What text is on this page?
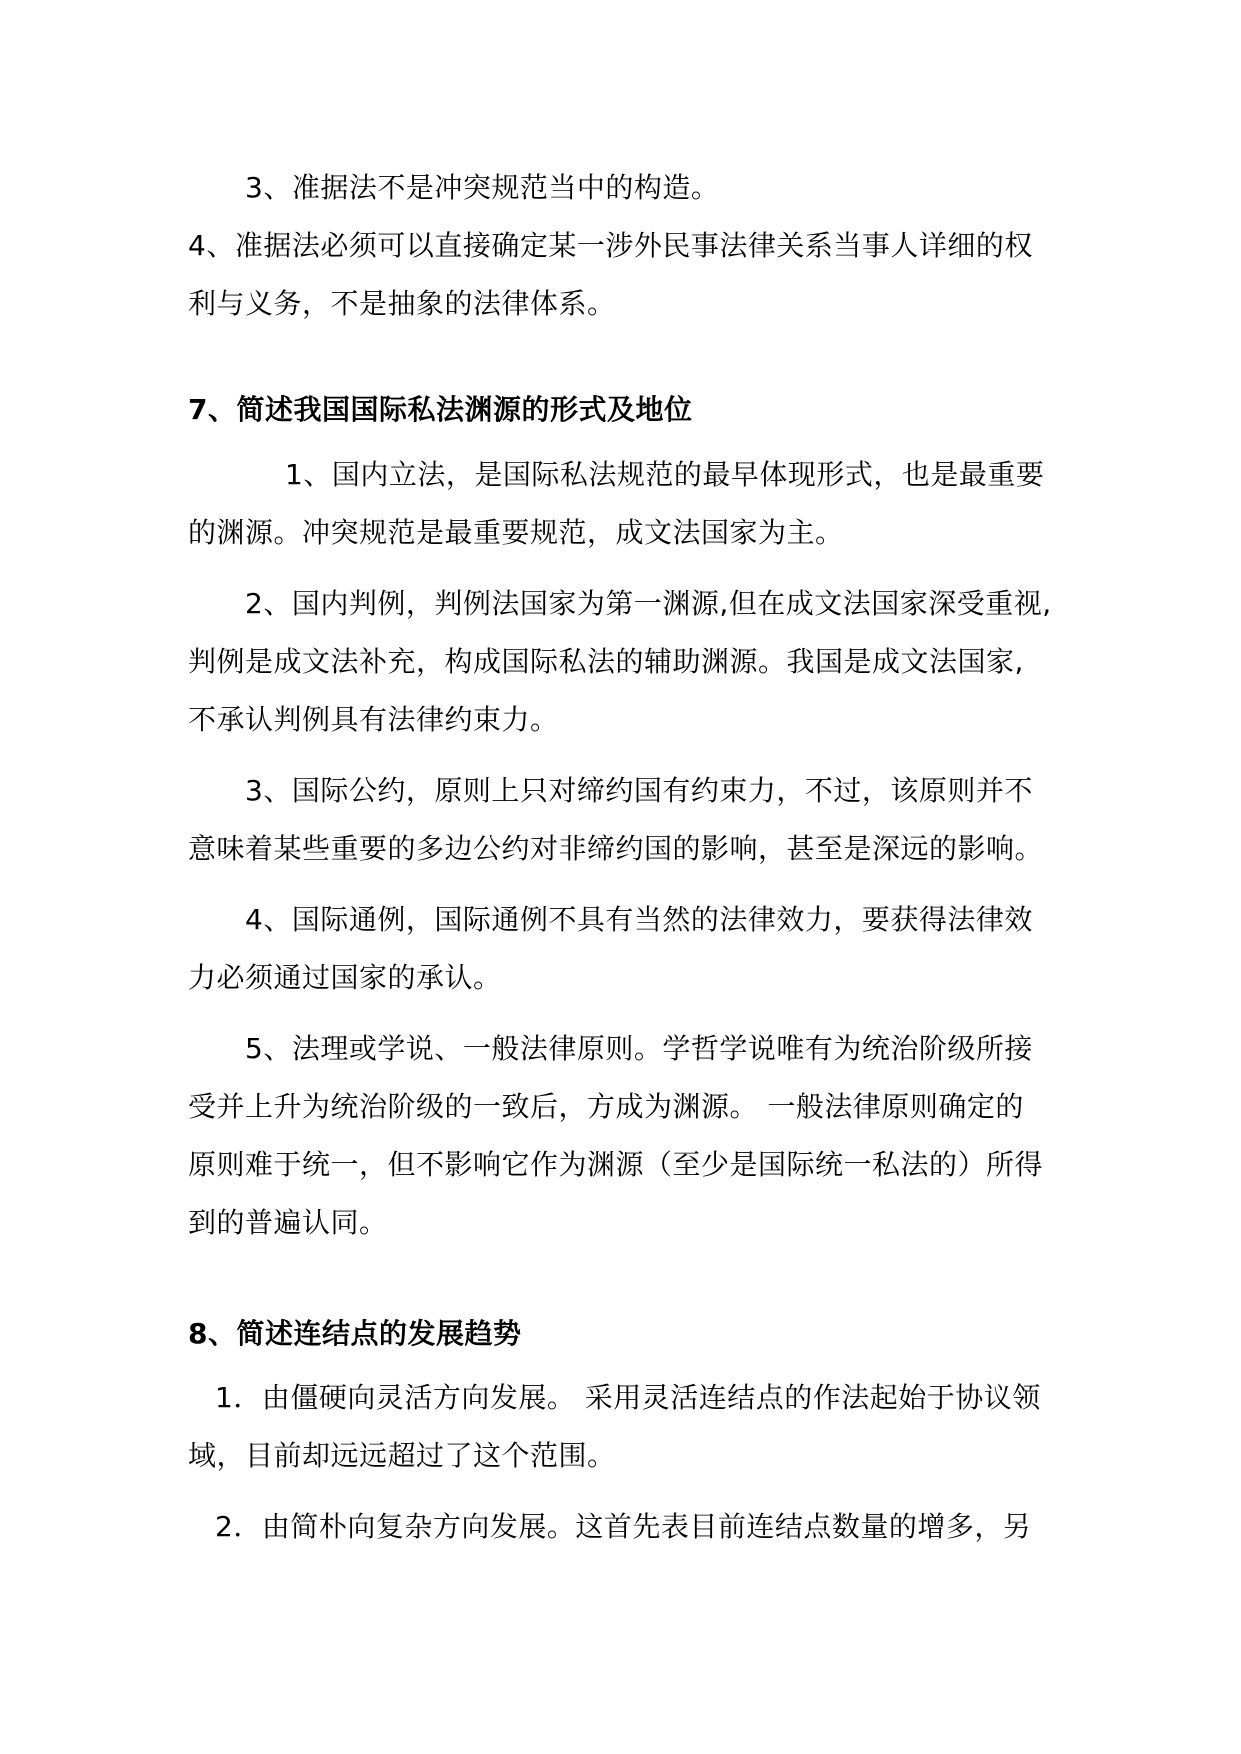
3、准据法不是冲突规范当中的构造。
4、准据法必须可以直接确定某一涉外民事法律关系当事人详细的权
利与义务，不是抽象的法律体系。
7、简述我国国际私法渊源的形式及地位
1、国内立法，是国际私法规范的最早体现形式，也是最重要
的渊源。冲突规范是最重要规范，成文法国家为主。
2、国内判例，判例法国家为第一渊源,但在成文法国家深受重视,
判例是成文法补充，构成国际私法的辅助渊源。我国是成文法国家,
不承认判例具有法律约束力。
3、国际公约，原则上只对缔约国有约束力，不过，该原则并不
意味着某些重要的多边公约对非缔约国的影响，甚至是深远的影响。
4、国际通例，国际通例不具有当然的法律效力，要获得法律效
力必须通过国家的承认。
5、法理或学说、一般法律原则。学哲学说唯有为统治阶级所接
受并上升为统治阶级的一致后，方成为渊源。 一般法律原则确定的
原则难于统一，但不影响它作为渊源（至少是国际统一私法的）所得
到的普遍认同。
8、简述连结点的发展趋势
1．由僵硬向灵活方向发展。 采用灵活连结点的作法起始于协议领
域，目前却远远超过了这个范围。
2．由简朴向复杂方向发展。这首先表目前连结点数量的增多，另
